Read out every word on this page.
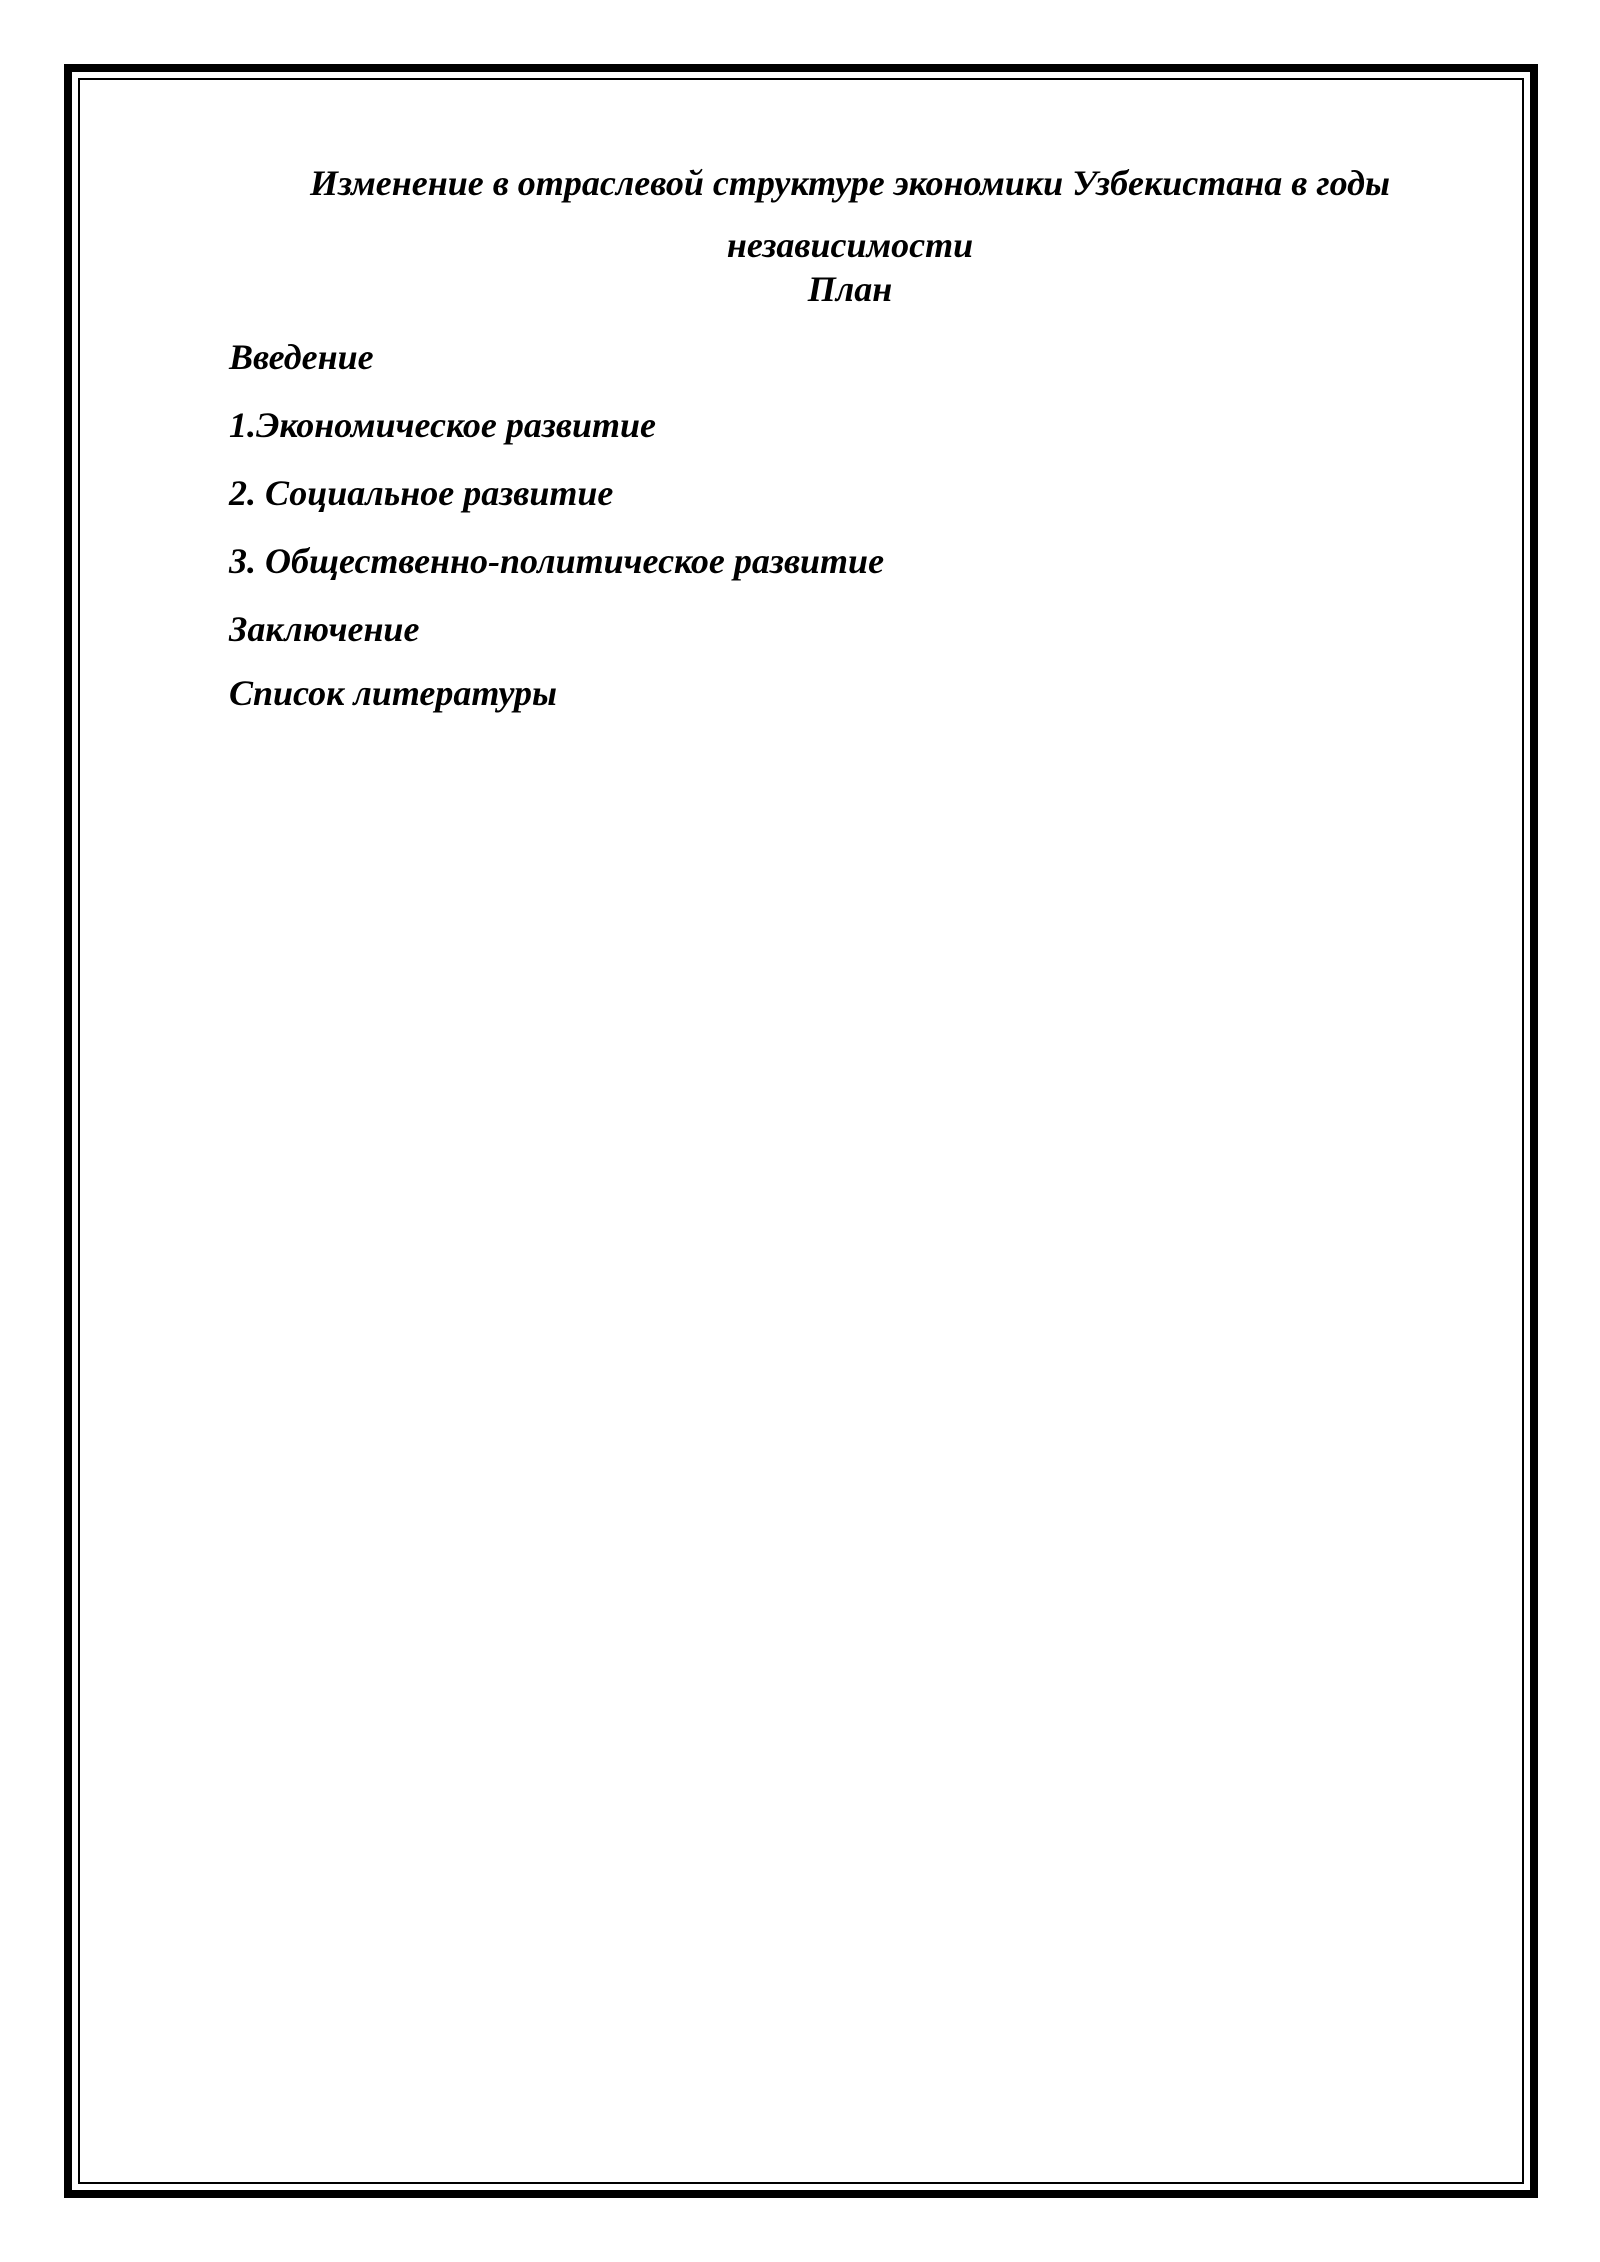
Изменение в отраслевой структуре экономики Узбекистана в годы независимости
План
Введение
1.Экономическое развитие
2. Социальное развитие
3. Общественно-политическое развитие
Заключение
Список литературы
